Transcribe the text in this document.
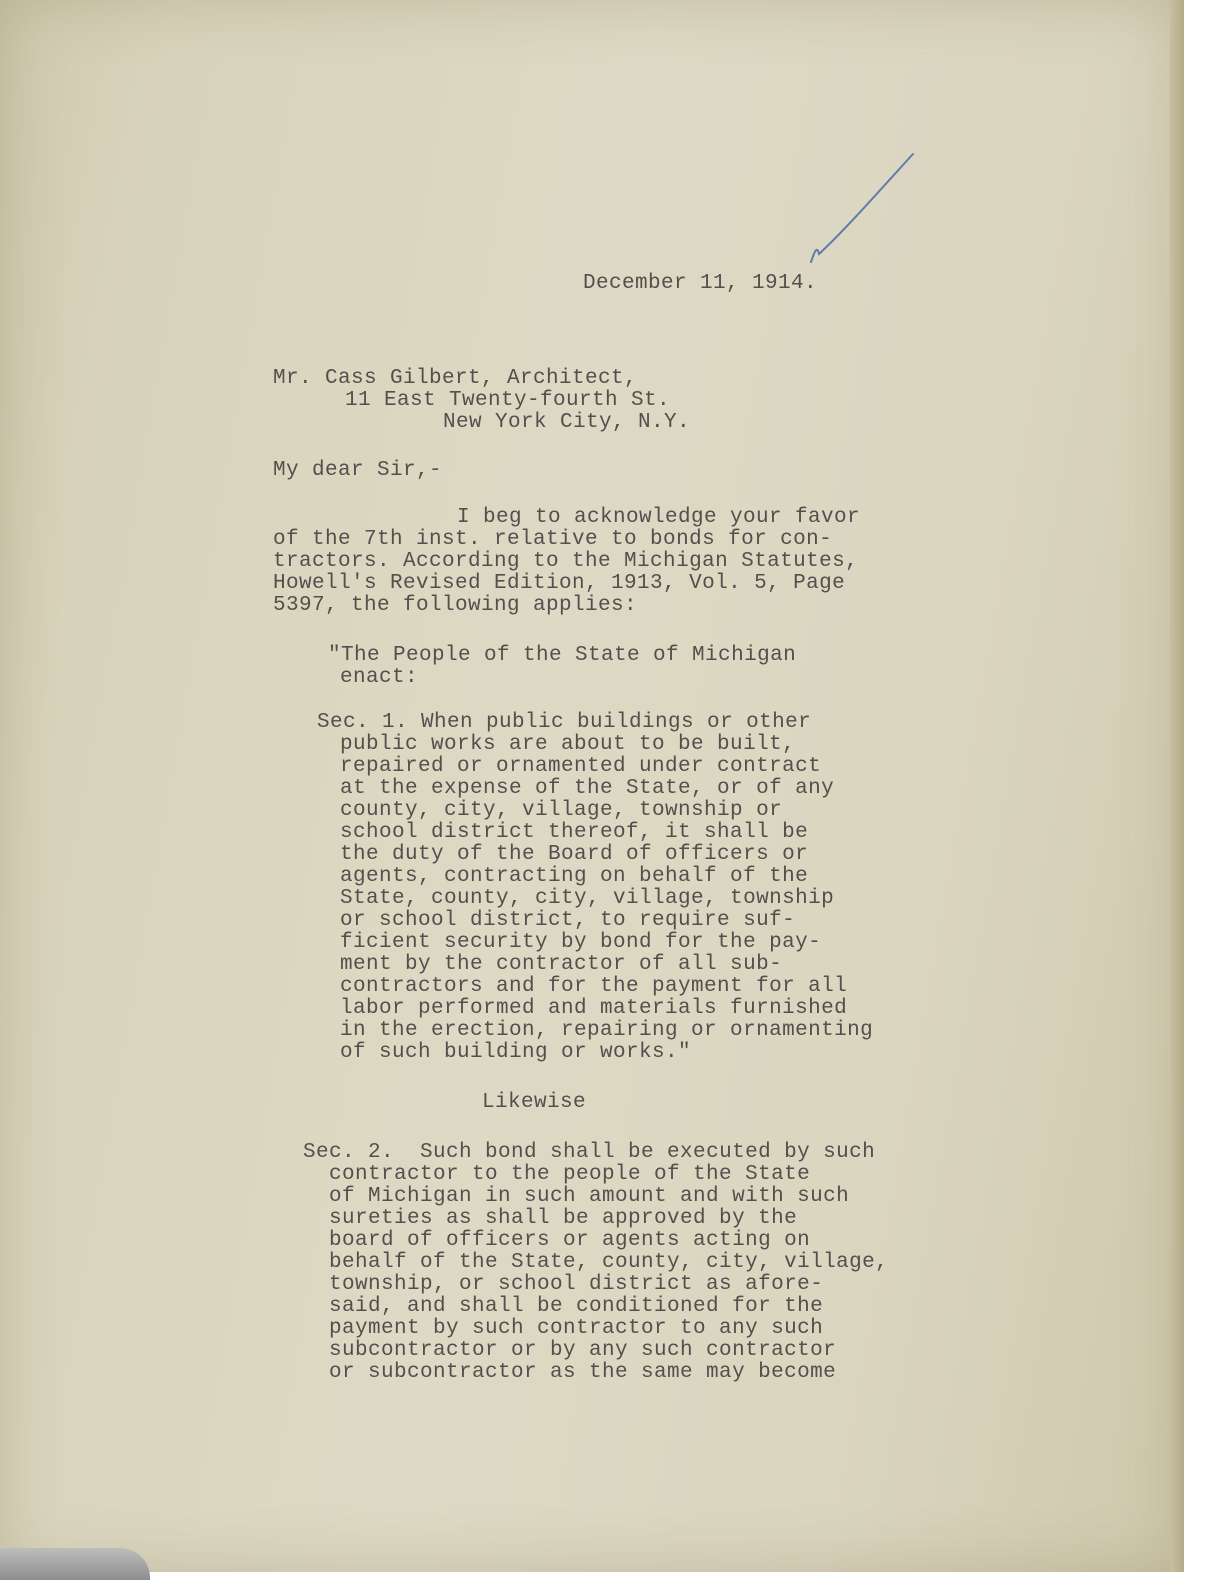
December 11, 1914.
Mr. Cass Gilbert, Architect,
11 East Twenty-fourth St.
New York City, N.Y.
My dear Sir,-
I beg to acknowledge your favor
of the 7th inst. relative to bonds for con-
tractors. According to the Michigan Statutes,
Howell's Revised Edition, 1913, Vol. 5, Page
5397, the following applies:
"The People of the State of Michigan
enact:
Sec. 1. When public buildings or other
public works are about to be built,
repaired or ornamented under contract
at the expense of the State, or of any
county, city, village, township or
school district thereof, it shall be
the duty of the Board of officers or
agents, contracting on behalf of the
State, county, city, village, township
or school district, to require suf-
ficient security by bond for the pay-
ment by the contractor of all sub-
contractors and for the payment for all
labor performed and materials furnished
in the erection, repairing or ornamenting
of such building or works."
Likewise
Sec. 2.  Such bond shall be executed by such
contractor to the people of the State
of Michigan in such amount and with such
sureties as shall be approved by the
board of officers or agents acting on
behalf of the State, county, city, village,
township, or school district as afore-
said, and shall be conditioned for the
payment by such contractor to any such
subcontractor or by any such contractor
or subcontractor as the same may become
